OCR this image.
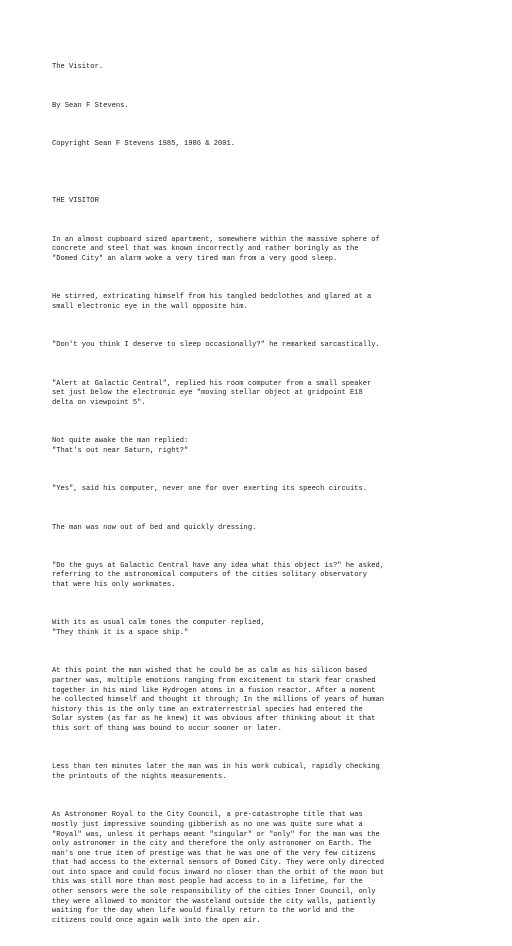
The Visitor.

By Sean F Stevens.

Copyright Sean F Stevens 1985, 1986 & 2001.

THE VISITOR

In an almost cupboard sized apartment, somewhere within the massive sphere of
concrete and steel that was known incorrectly and rather boringly as the
"Domed City" an alarm woke a very tired man from a very good sleep.

He stirred, extricating himself from his tangled bedclothes and glared at a
small electronic eye in the wall opposite him.

"Don't you think I deserve to sleep occasionally?" he remarked sarcastically.

"Alert at Galactic Central", replied his room computer from a small speaker
set just below the electronic eye "moving stellar object at gridpoint E18
delta on viewpoint 5".

Not quite awake the man replied:
"That's out near Saturn, right?"

"Yes", said his computer, never one for over exerting its speech circuits.

The man was now out of bed and quickly dressing.

"Do the guys at Galactic Central have any idea what this object is?" he asked,
referring to the astronomical computers of the cities solitary observatory
that were his only workmates.

With its as usual calm tones the computer replied,
"They think it is a space ship."

At this point the man wished that he could be as calm as his silicon based
partner was, multiple emotions ranging from excitement to stark fear crashed
together in his mind like Hydrogen atoms in a fusion reactor. After a moment
he collected himself and thought it through; In the millions of years of human
history this is the only time an extraterrestrial species had entered the
Solar system (as far as he knew) it was obvious after thinking about it that
this sort of thing was bound to occur sooner or later.

Less than ten minutes later the man was in his work cubical, rapidly checking
the printouts of the nights measurements.

As Astronomer Royal to the City Council, a pre-catastrophe title that was
mostly just impressive sounding gibberish as no one was quite sure what a
"Royal" was, unless it perhaps meant "singular" or "only" for the man was the
only astronomer in the city and therefore the only astronomer on Earth. The
man's one true item of prestige was that he was one of the very few citizens
that had access to the external sensors of Domed City. They were only directed
out into space and could focus inward no closer than the orbit of the moon but
this was still more than most people had access to in a lifetime, for the
other sensors were the sole responsibility of the cities Inner Council, only
they were allowed to monitor the wasteland outside the city walls, patiently
waiting for the day when life would finally return to the world and the
citizens could once again walk into the open air.
